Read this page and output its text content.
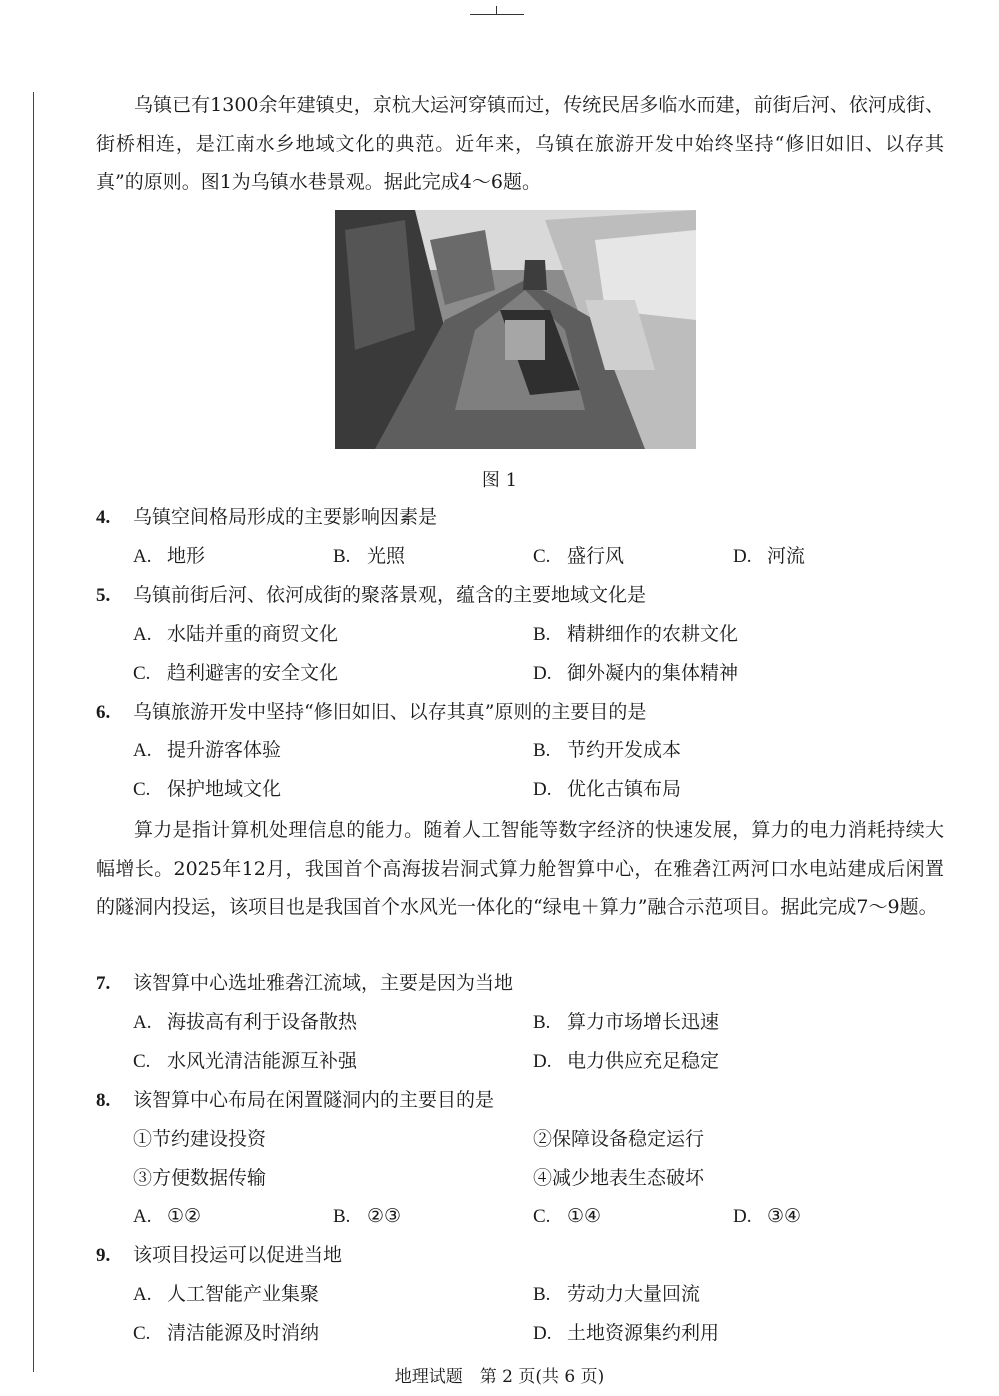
乌镇已有1300余年建镇史，京杭大运河穿镇而过，传统民居多临水而建，前街后河、依河成街、街桥相连，是江南水乡地域文化的典范。近年来，乌镇在旅游开发中始终坚持“修旧如旧、以存其真”的原则。图1为乌镇水巷景观。据此完成4～6题。

图 1
4. 乌镇空间格局形成的主要影响因素是
A. 地形	B. 光照	C. 盛行风	D. 河流
5. 乌镇前街后河、依河成街的聚落景观，蕴含的主要地域文化是
A. 水陆并重的商贸文化	B. 精耕细作的农耕文化
C. 趋利避害的安全文化	D. 御外凝内的集体精神
6. 乌镇旅游开发中坚持“修旧如旧、以存其真”原则的主要目的是
A. 提升游客体验	B. 节约开发成本
C. 保护地域文化	D. 优化古镇布局

算力是指计算机处理信息的能力。随着人工智能等数字经济的快速发展，算力的电力消耗持续大幅增长。2025年12月，我国首个高海拔岩洞式算力舱智算中心，在雅砻江两河口水电站建成后闲置的隧洞内投运，该项目也是我国首个水风光一体化的“绿电＋算力”融合示范项目。据此完成7～9题。

7. 该智算中心选址雅砻江流域，主要是因为当地
A. 海拔高有利于设备散热	B. 算力市场增长迅速
C. 水风光清洁能源互补强	D. 电力供应充足稳定
8. 该智算中心布局在闲置隧洞内的主要目的是
①节约建设投资	②保障设备稳定运行
③方便数据传输	④减少地表生态破坏
A. ①②	B. ②③	C. ①④	D. ③④
9. 该项目投运可以促进当地
A. 人工智能产业集聚	B. 劳动力大量回流
C. 清洁能源及时消纳	D. 土地资源集约利用
地理试题　第 2 页(共 6 页)
